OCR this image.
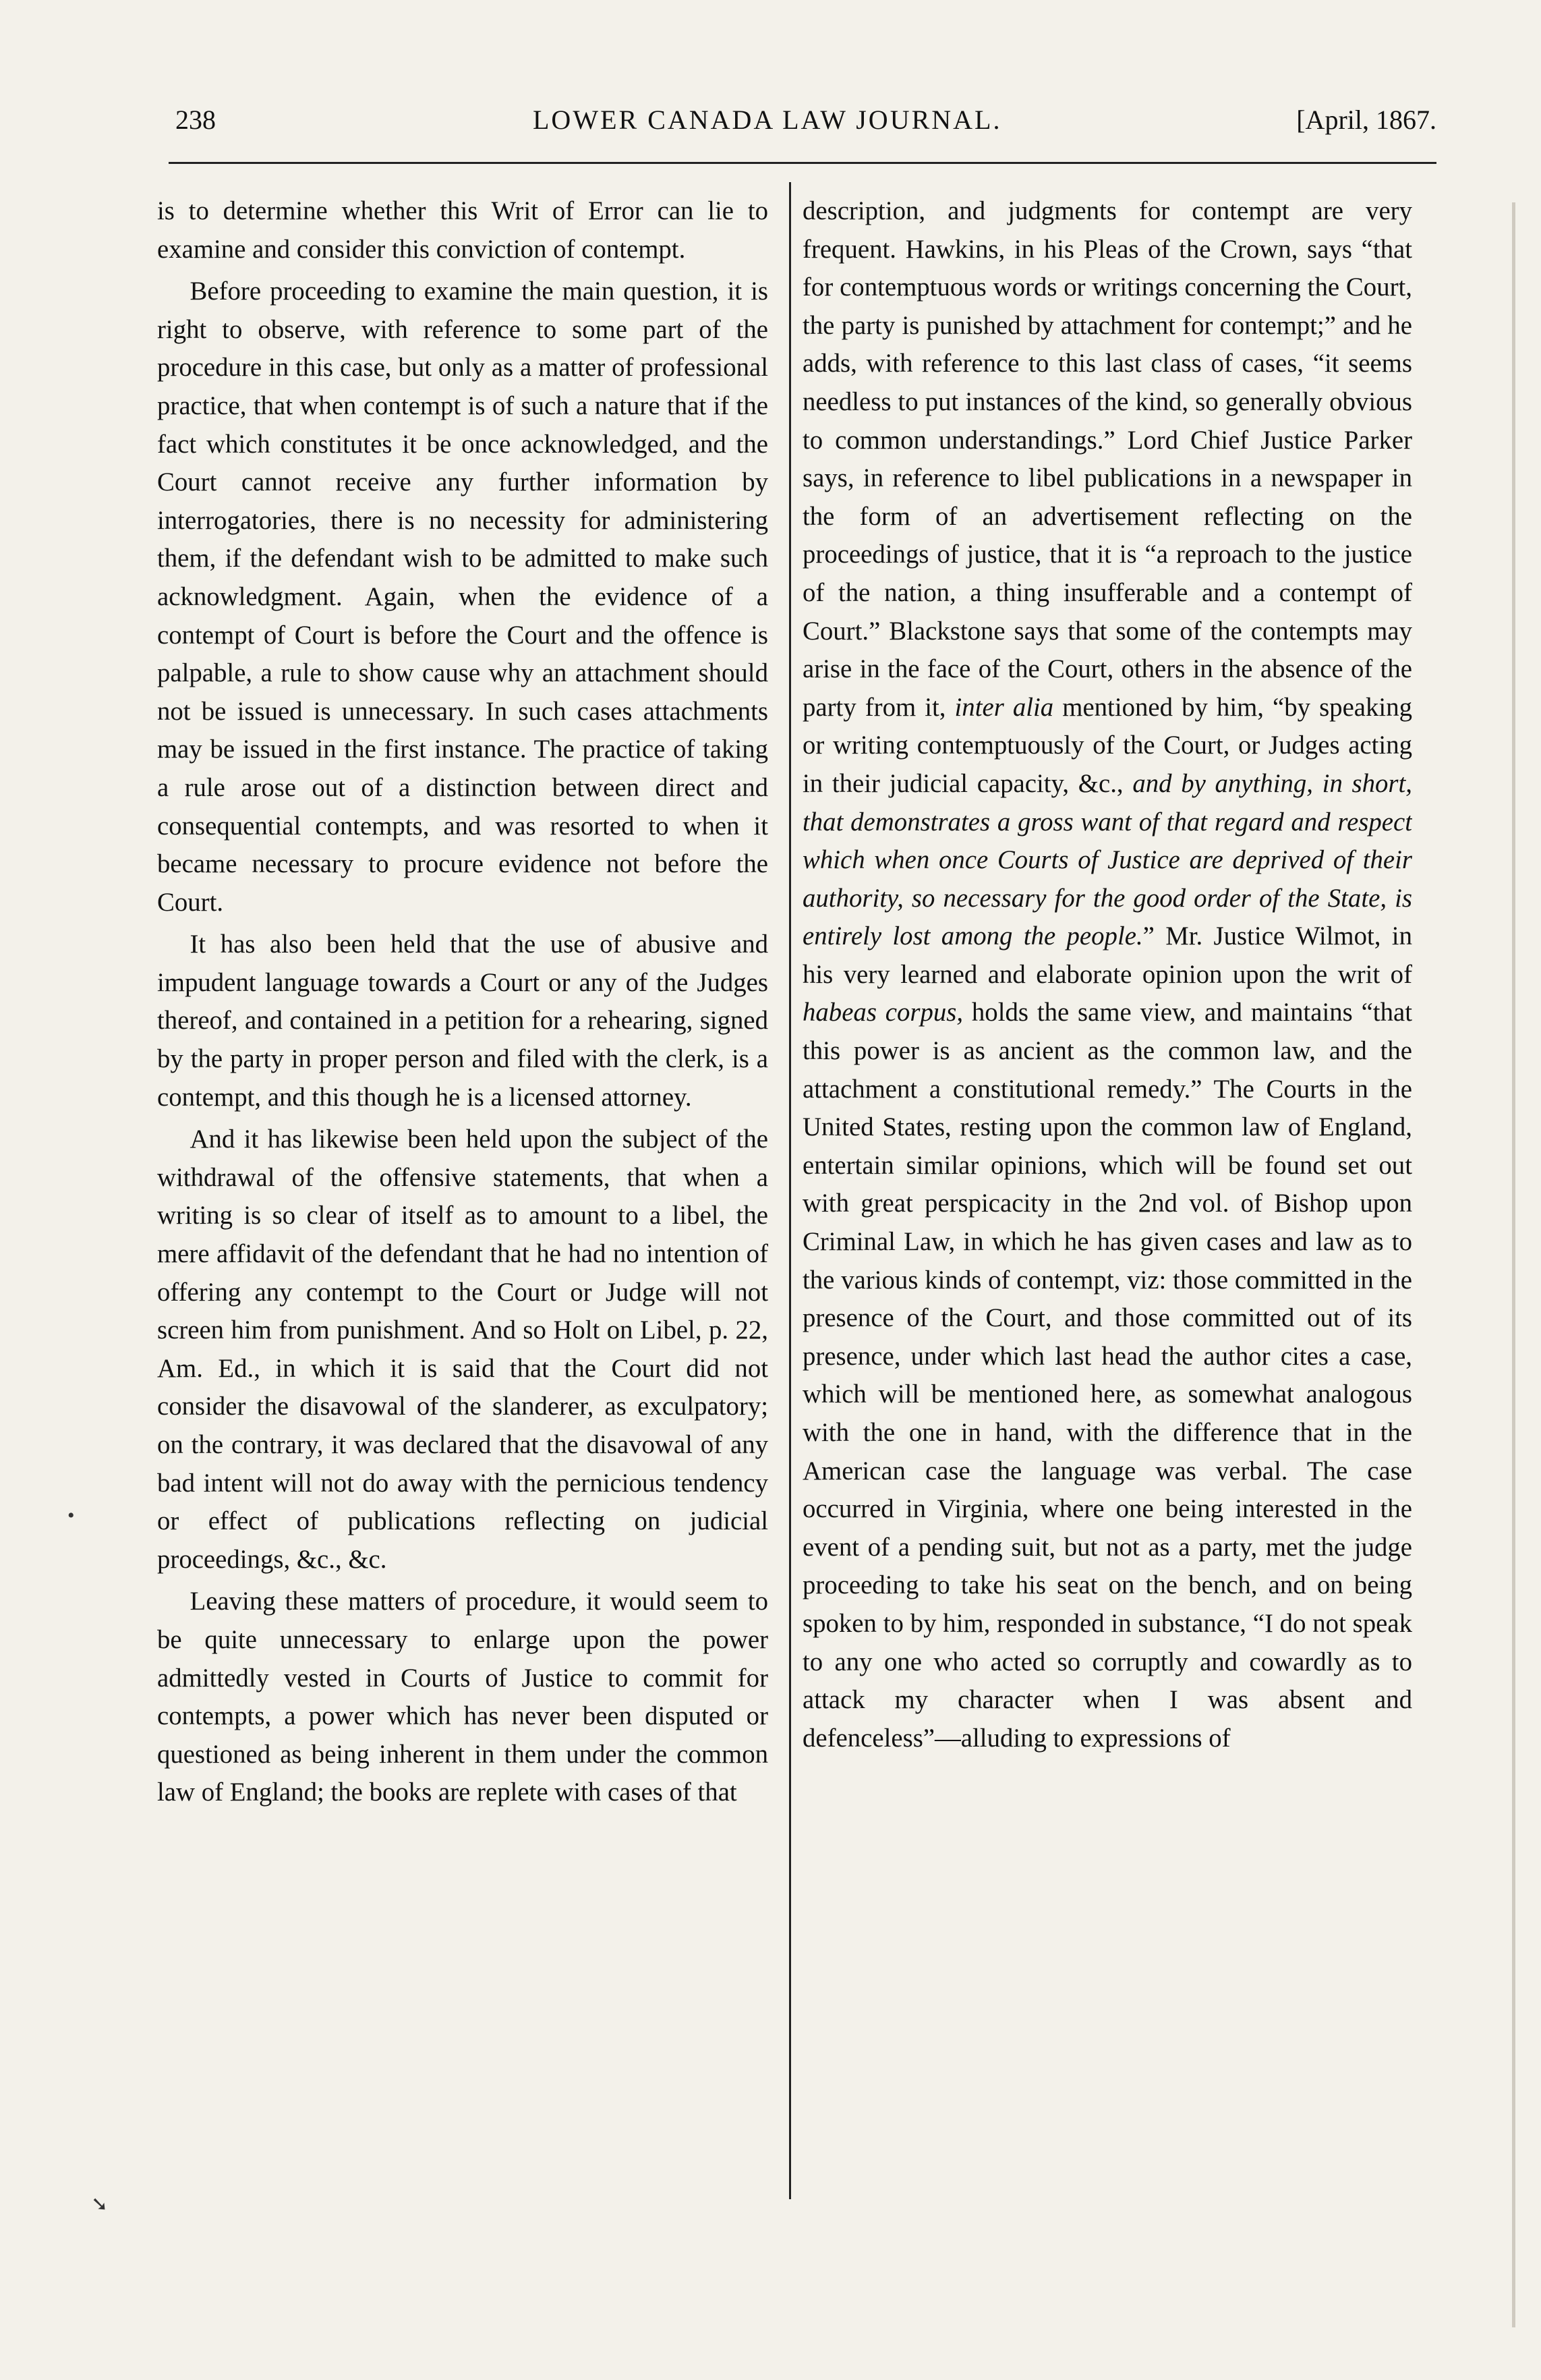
238	LOWER CANADA LAW JOURNAL.	[April, 1867.

is to determine whether this Writ of Error can lie to examine and consider this conviction of contempt.

Before proceeding to examine the main question, it is right to observe, with reference to some part of the procedure in this case, but only as a matter of professional practice, that when contempt is of such a nature that if the fact which constitutes it be once acknowledged, and the Court cannot receive any further information by interrogatories, there is no necessity for administering them, if the defendant wish to be admitted to make such acknowledgment. Again, when the evidence of a contempt of Court is before the Court and the offence is palpable, a rule to show cause why an attachment should not be issued is unnecessary. In such cases attachments may be issued in the first instance. The practice of taking a rule arose out of a distinction between direct and consequential contempts, and was resorted to when it became necessary to procure evidence not before the Court.

It has also been held that the use of abusive and impudent language towards a Court or any of the Judges thereof, and contained in a petition for a rehearing, signed by the party in proper person and filed with the clerk, is a contempt, and this though he is a licensed attorney.

And it has likewise been held upon the subject of the withdrawal of the offensive statements, that when a writing is so clear of itself as to amount to a libel, the mere affidavit of the defendant that he had no intention of offering any contempt to the Court or Judge will not screen him from punishment. And so Holt on Libel, p. 22, Am. Ed., in which it is said that the Court did not consider the disavowal of the slanderer, as exculpatory; on the contrary, it was declared that the disavowal of any bad intent will not do away with the pernicious tendency or effect of publications reflecting on judicial proceedings, &c., &c.

Leaving these matters of procedure, it would seem to be quite unnecessary to enlarge upon the power admittedly vested in Courts of Justice to commit for contempts, a power which has never been disputed or questioned as being inherent in them under the common law of England; the books are replete with cases of that

description, and judgments for contempt are very frequent. Hawkins, in his Pleas of the Crown, says “that for contemptuous words or writings concerning the Court, the party is punished by attachment for contempt;” and he adds, with reference to this last class of cases, “it seems needless to put instances of the kind, so generally obvious to common understandings.” Lord Chief Justice Parker says, in reference to libel publications in a newspaper in the form of an advertisement reflecting on the proceedings of justice, that it is “a reproach to the justice of the nation, a thing insufferable and a contempt of Court.” Blackstone says that some of the contempts may arise in the face of the Court, others in the absence of the party from it, inter alia mentioned by him, “by speaking or writing contemptuously of the Court, or Judges acting in their judicial capacity, &c., and by anything, in short, that demonstrates a gross want of that regard and respect which when once Courts of Justice are deprived of their authority, so necessary for the good order of the State, is entirely lost among the people.” Mr. Justice Wilmot, in his very learned and elaborate opinion upon the writ of habeas corpus, holds the same view, and maintains “that this power is as ancient as the common law, and the attachment a constitutional remedy.” The Courts in the United States, resting upon the common law of England, entertain similar opinions, which will be found set out with great perspicacity in the 2nd vol. of Bishop upon Criminal Law, in which he has given cases and law as to the various kinds of contempt, viz: those committed in the presence of the Court, and those committed out of its presence, under which last head the author cites a case, which will be mentioned here, as somewhat analogous with the one in hand, with the difference that in the American case the language was verbal. The case occurred in Virginia, where one being interested in the event of a pending suit, but not as a party, met the judge proceeding to take his seat on the bench, and on being spoken to by him, responded in substance, “I do not speak to any one who acted so corruptly and cowardly as to attack my character when I was absent and defenceless”—alluding to expressions of

•
➘
